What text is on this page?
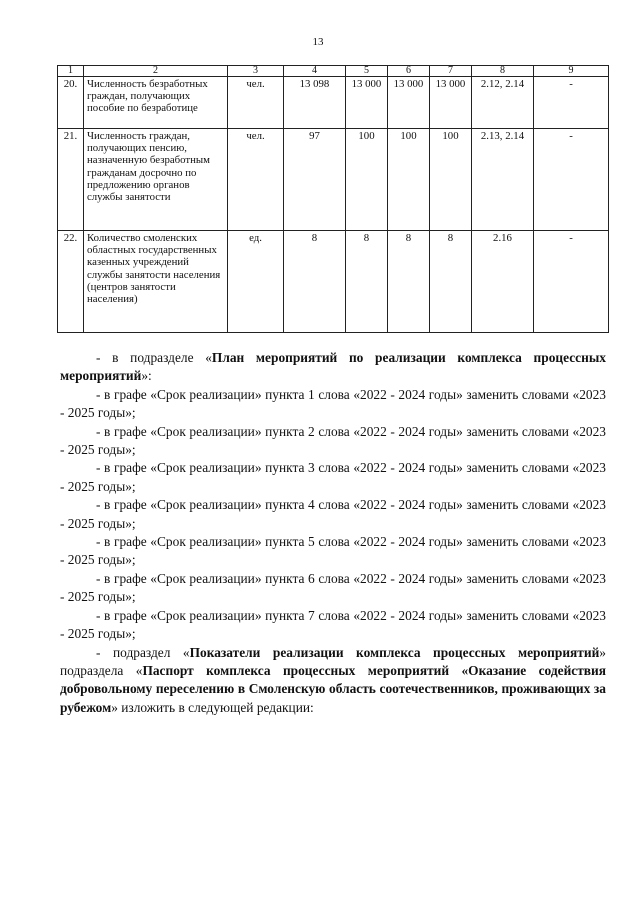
13
1	2	3	4	5	6	7	8	9
20.	Численность безработных граждан, получающих пособие по безработице	чел.	13 098	13 000	13 000	13 000	2.12, 2.14	-
21.	Численность граждан, получающих пенсию, назначенную безработным гражданам досрочно по предложению органов службы занятости	чел.	97	100	100	100	2.13, 2.14	-
22.	Количество смоленских областных государственных казенных учреждений службы занятости населения (центров занятости населения)	ед.	8	8	8	8	2.16	-

- в подразделе «План мероприятий по реализации комплекса процессных мероприятий»:

- в графе «Срок реализации» пункта 1 слова «2022 - 2024 годы» заменить словами «2023 - 2025 годы»;

- в графе «Срок реализации» пункта 2 слова «2022 - 2024 годы» заменить словами «2023 - 2025 годы»;

- в графе «Срок реализации» пункта 3 слова «2022 - 2024 годы» заменить словами «2023 - 2025 годы»;

- в графе «Срок реализации» пункта 4 слова «2022 - 2024 годы» заменить словами «2023 - 2025 годы»;

- в графе «Срок реализации» пункта 5 слова «2022 - 2024 годы» заменить словами «2023 - 2025 годы»;

- в графе «Срок реализации» пункта 6 слова «2022 - 2024 годы» заменить словами «2023 - 2025 годы»;

- в графе «Срок реализации» пункта 7 слова «2022 - 2024 годы» заменить словами «2023 - 2025 годы»;

- подраздел «Показатели реализации комплекса процессных мероприятий» подраздела «Паспорт комплекса процессных мероприятий «Оказание содействия добровольному переселению в Смоленскую область соотечественников, проживающих за рубежом» изложить в следующей редакции:
